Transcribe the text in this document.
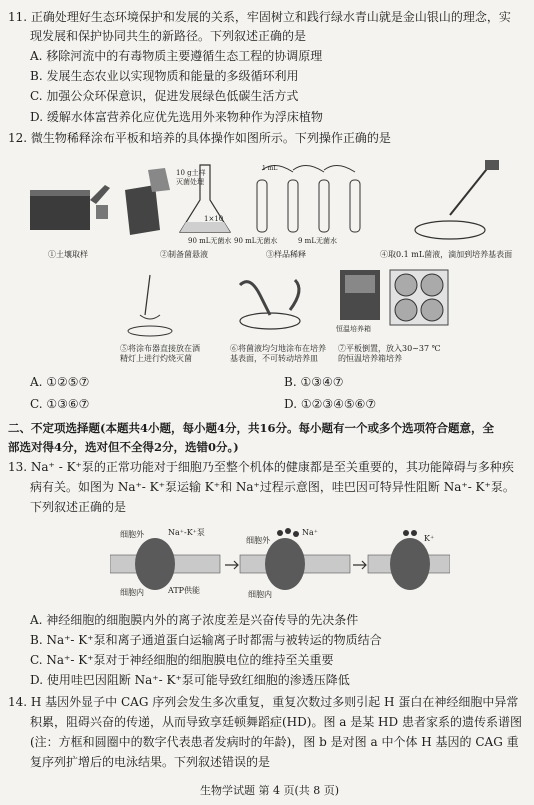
11. 正确处理好生态环境保护和发展的关系，牢固树立和践行绿水青山就是金山银山的理念，实
现发展和保护协同共生的新路径。下列叙述正确的是
A. 移除河流中的有毒物质主要遵循生态工程的协调原理
B. 发展生态农业以实现物质和能量的多级循环利用
C. 加强公众环保意识，促进发展绿色低碳生活方式
D. 缓解水体富营养化应优先选用外来物种作为浮床植物
12. 微生物稀释涂布平板和培养的具体操作如图所示。下列操作正确的是
10 g土样
灭菌处理
1×10
1 mL
90 mL无菌水 90 mL无菌水	9 mL无菌水
①土壤取样	②制备菌悬液	③样品稀释	④取0.1 mL菌液，滴加到培养基表面
恒温培养箱
⑤将涂布器直接放在酒
精灯上进行灼烧灭菌
⑥将菌液均匀地涂布在培养
基表面，不可转动培养皿
⑦平板倒置，放入30~37 ℃
的恒温培养箱培养
A. ①②⑤⑦	B. ①③④⑦
C. ①③⑥⑦	D. ①②③④⑤⑥⑦
二、不定项选择题(本题共4小题，每小题4分，共16分。每小题有一个或多个选项符合题意，全
部选对得4分，选对但不全得2分，选错0分。)
13. Na⁺ - K⁺泵的正常功能对于细胞乃至整个机体的健康都是至关重要的，其功能障碍与多种疾
病有关。如图为 Na⁺- K⁺泵运输 K⁺和 Na⁺过程示意图，哇巴因可特异性阻断 Na⁺- K⁺泵。
下列叙述正确的是
细胞外	Na⁺-K⁺泵
细胞内	ATP供能
细胞外
细胞内
Na⁺
K⁺
A. 神经细胞的细胞膜内外的离子浓度差是兴奋传导的先决条件
B. Na⁺- K⁺泵和离子通道蛋白运输离子时都需与被转运的物质结合
C. Na⁺- K⁺泵对于神经细胞的细胞膜电位的维持至关重要
D. 使用哇巴因阻断 Na⁺- K⁺泵可能导致红细胞的渗透压降低
14. H 基因外显子中 CAG 序列会发生多次重复，重复次数过多则引起 H 蛋白在神经细胞中异常
积累，阻碍兴奋的传递，从而导致享廷顿舞蹈症(HD)。图 a 是某 HD 患者家系的遗传系谱图
(注：方框和圆圈中的数字代表患者发病时的年龄)，图 b 是对图 a 中个体 H 基因的 CAG 重
复序列扩增后的电泳结果。下列叙述错误的是
生物学试题 第 4 页(共 8 页)
